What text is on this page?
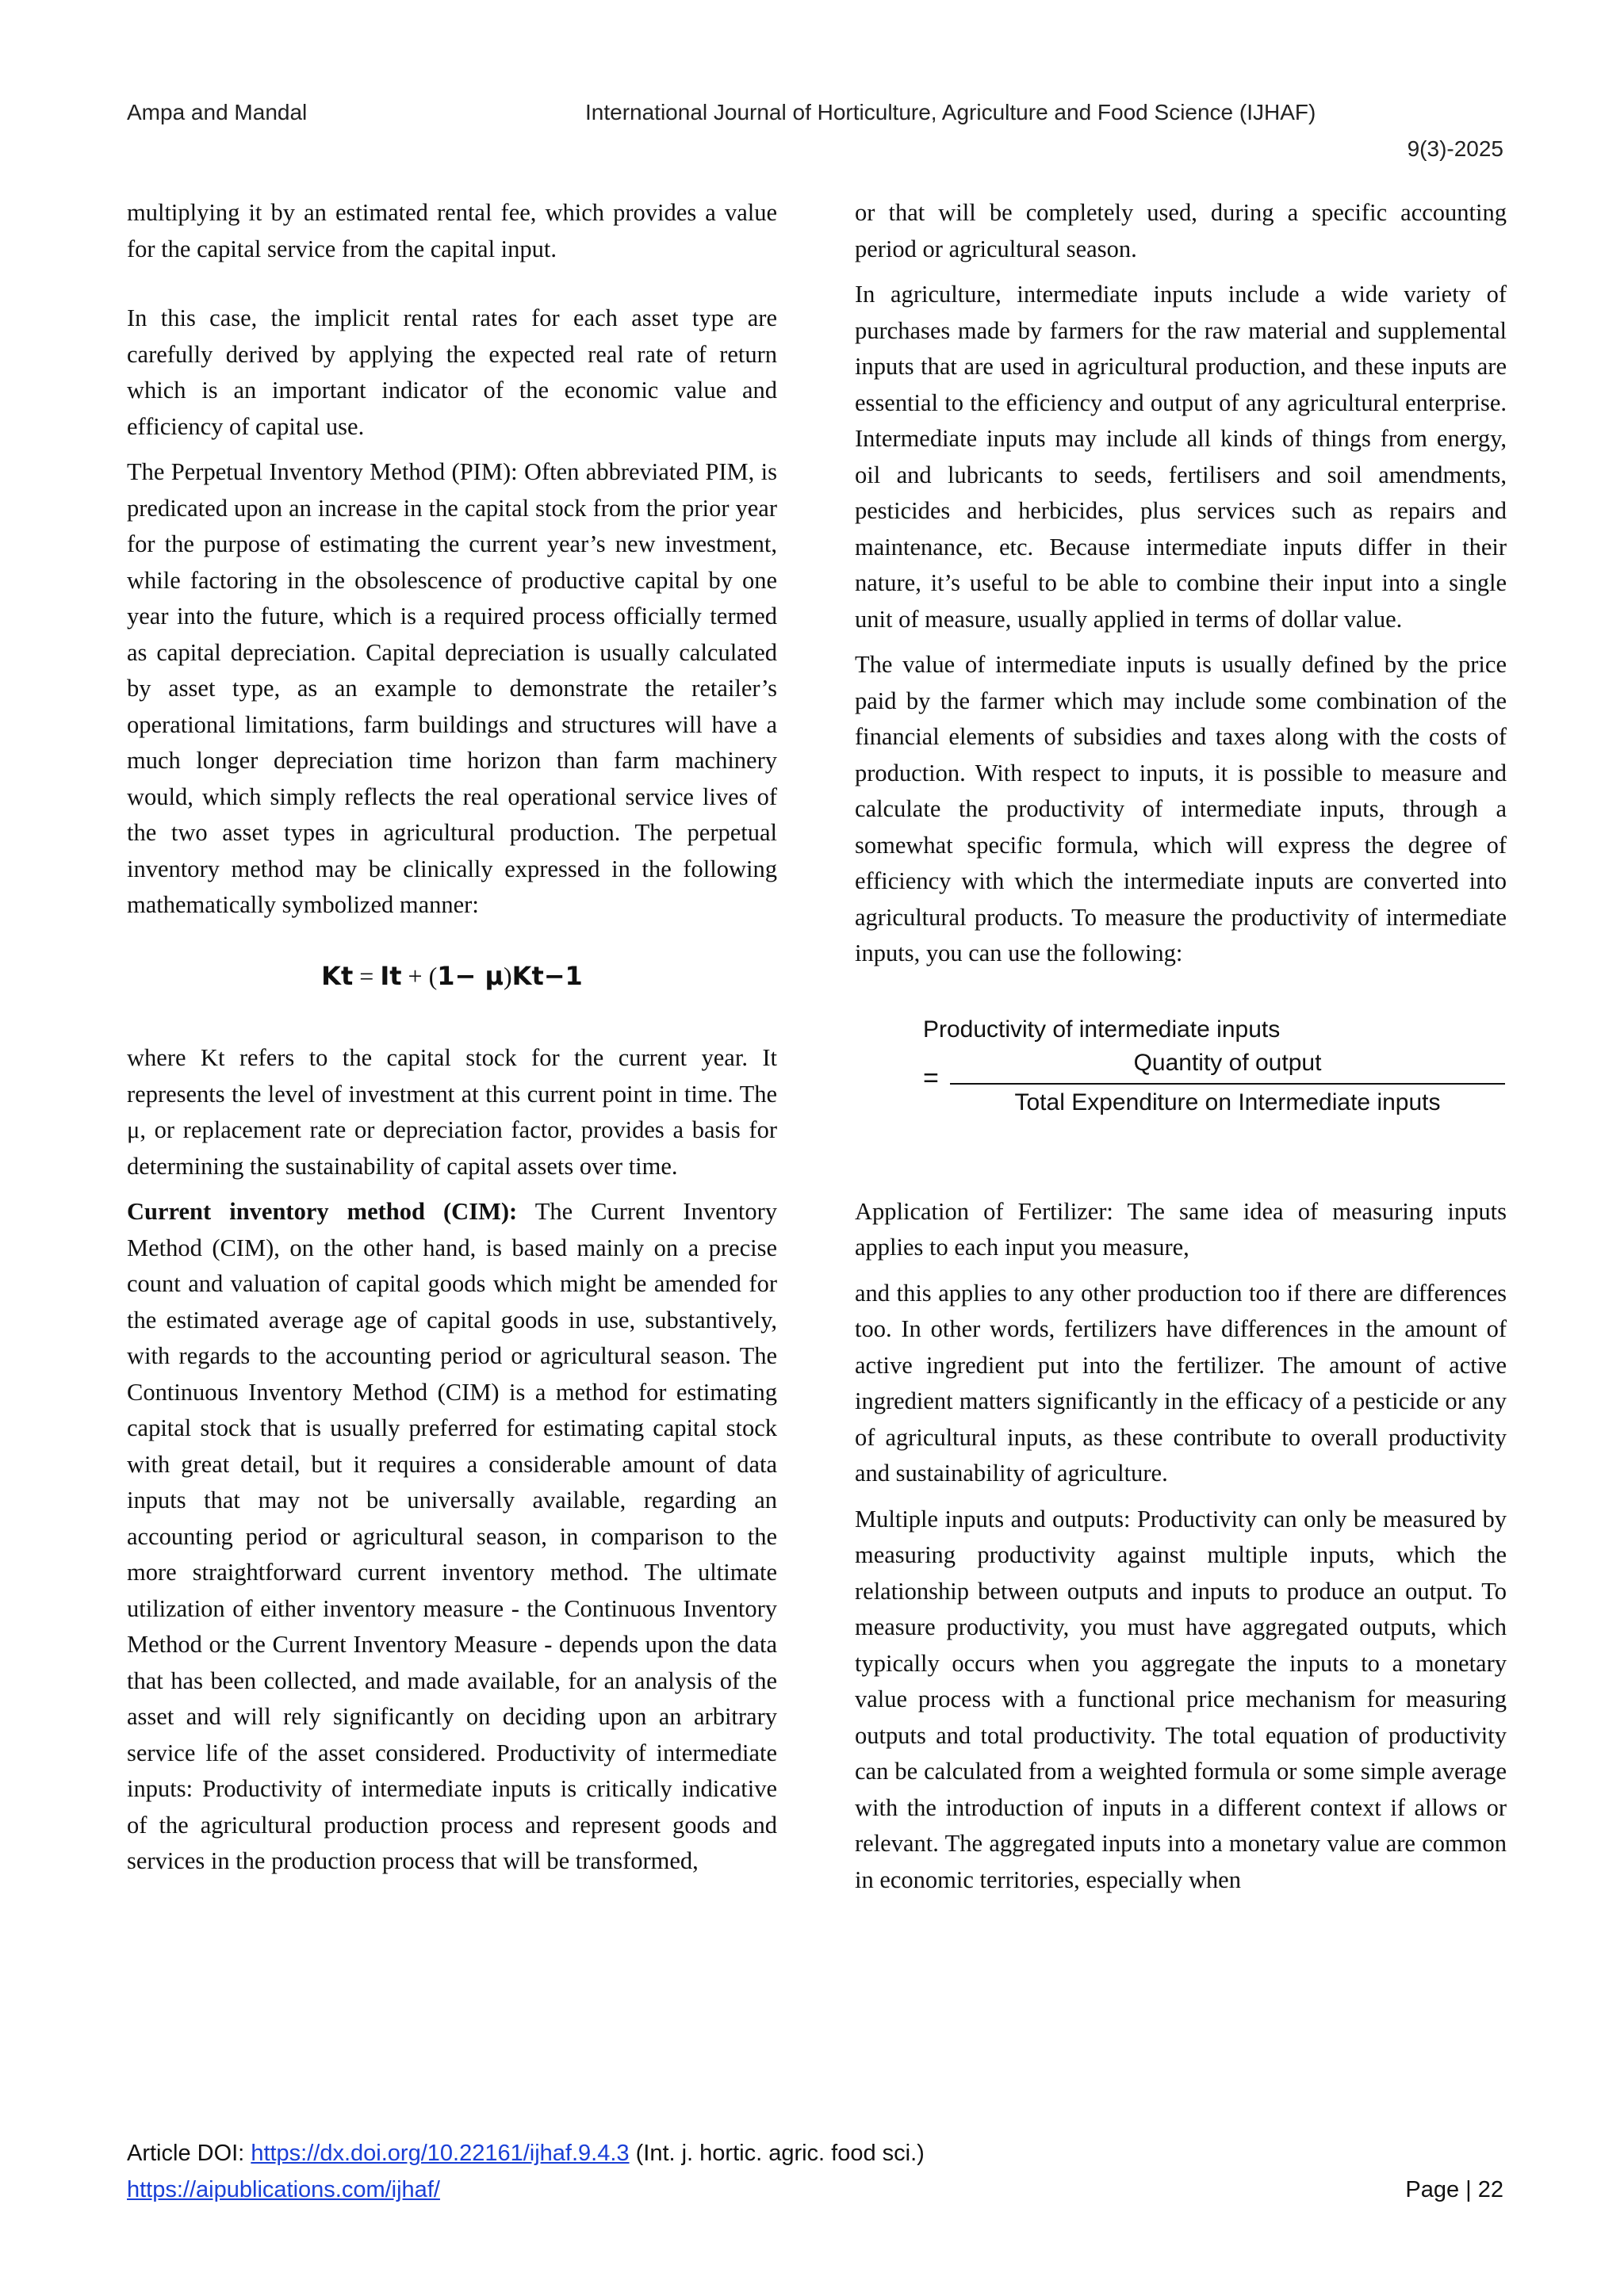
Ampa and Mandal	International Journal of Horticulture, Agriculture and Food Science (IJHAF)
9(3)-2025

multiplying it by an estimated rental fee, which provides a value for the capital service from the capital input.

In this case, the implicit rental rates for each asset type are carefully derived by applying the expected real rate of return which is an important indicator of the economic value and efficiency of capital use.

The Perpetual Inventory Method (PIM): Often abbreviated PIM, is predicated upon an increase in the capital stock from the prior year for the purpose of estimating the current year’s new investment, while factoring in the obsolescence of productive capital by one year into the future, which is a required process officially termed as capital depreciation. Capital depreciation is usually calculated by asset type, as an example to demonstrate the retailer’s operational limitations, farm buildings and structures will have a much longer depreciation time horizon than farm machinery would, which simply reflects the real operational service lives of the two asset types in agricultural production. The perpetual inventory method may be clinically expressed in the following mathematically symbolized manner:

Kt = It + (1− μ)Kt−1

where Kt refers to the capital stock for the current year. It represents the level of investment at this current point in time. The μ, or replacement rate or depreciation factor, provides a basis for determining the sustainability of capital assets over time.

Current inventory method (CIM): The Current Inventory Method (CIM), on the other hand, is based mainly on a precise count and valuation of capital goods which might be amended for the estimated average age of capital goods in use, substantively, with regards to the accounting period or agricultural season. The Continuous Inventory Method (CIM) is a method for estimating capital stock that is usually preferred for estimating capital stock with great detail, but it requires a considerable amount of data inputs that may not be universally available, regarding an accounting period or agricultural season, in comparison to the more straightforward current inventory method. The ultimate utilization of either inventory measure - the Continuous Inventory Method or the Current Inventory Measure - depends upon the data that has been collected, and made available, for an analysis of the asset and will rely significantly on deciding upon an arbitrary service life of the asset considered. Productivity of intermediate inputs: Productivity of intermediate inputs is critically indicative of the agricultural production process and represent goods and services in the production process that will be transformed,

or that will be completely used, during a specific accounting period or agricultural season.

In agriculture, intermediate inputs include a wide variety of purchases made by farmers for the raw material and supplemental inputs that are used in agricultural production, and these inputs are essential to the efficiency and output of any agricultural enterprise. Intermediate inputs may include all kinds of things from energy, oil and lubricants to seeds, fertilisers and soil amendments, pesticides and herbicides, plus services such as repairs and maintenance, etc. Because intermediate inputs differ in their nature, it’s useful to be able to combine their input into a single unit of measure, usually applied in terms of dollar value.

The value of intermediate inputs is usually defined by the price paid by the farmer which may include some combination of the financial elements of subsidies and taxes along with the costs of production. With respect to inputs, it is possible to measure and calculate the productivity of intermediate inputs, through a somewhat specific formula, which will express the degree of efficiency with which the intermediate inputs are converted into agricultural products. To measure the productivity of intermediate inputs, you can use the following:

Productivity of intermediate inputs
=
Quantity of output
Total Expenditure on Intermediate inputs

Application of Fertilizer: The same idea of measuring inputs applies to each input you measure,

and this applies to any other production too if there are differences too. In other words, fertilizers have differences in the amount of active ingredient put into the fertilizer. The amount of active ingredient matters significantly in the efficacy of a pesticide or any of agricultural inputs, as these contribute to overall productivity and sustainability of agriculture.

Multiple inputs and outputs: Productivity can only be measured by measuring productivity against multiple inputs, which the relationship between outputs and inputs to produce an output. To measure productivity, you must have aggregated outputs, which typically occurs when you aggregate the inputs to a monetary value process with a functional price mechanism for measuring outputs and total productivity. The total equation of productivity can be calculated from a weighted formula or some simple average with the introduction of inputs in a different context if allows or relevant. The aggregated inputs into a monetary value are common in economic territories, especially when

Article DOI: https://dx.doi.org/10.22161/ijhaf.9.4.3 (Int. j. hortic. agric. food sci.)
https://aipublications.com/ijhaf/	Page | 22
